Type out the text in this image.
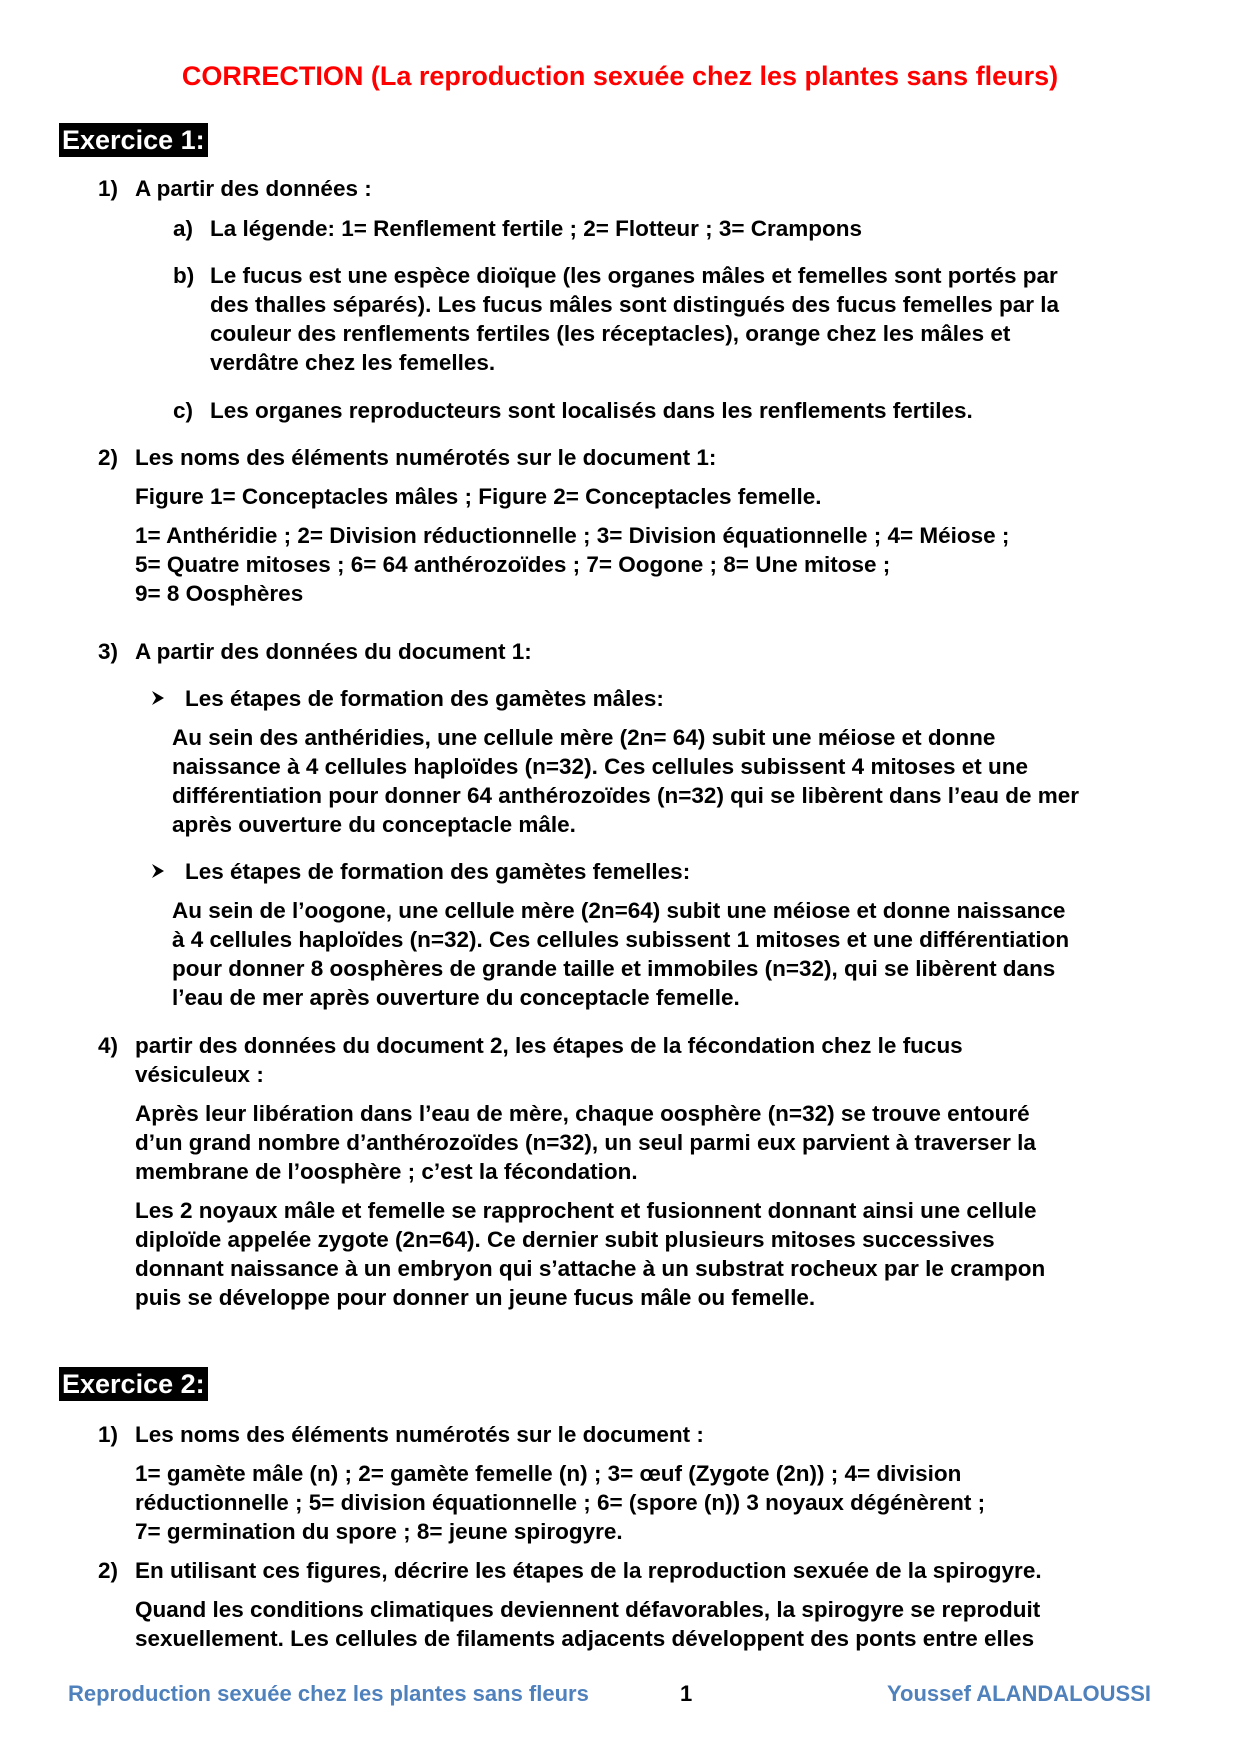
CORRECTION (La reproduction sexuée chez les plantes sans fleurs)
Exercice 1:
1) A partir des données :
a) La légende: 1= Renflement fertile ; 2= Flotteur ; 3= Crampons
b) Le fucus est une espèce dioïque (les organes mâles et femelles sont portés par
des thalles séparés). Les fucus mâles sont distingués des fucus femelles par la
couleur des renflements fertiles (les réceptacles), orange chez les mâles et
verdâtre chez les femelles.
c) Les organes reproducteurs sont localisés dans les renflements fertiles.
2) Les noms des éléments numérotés sur le document 1:
Figure 1= Conceptacles mâles ; Figure 2= Conceptacles femelle.
1= Anthéridie ; 2= Division réductionnelle ; 3= Division équationnelle ; 4= Méiose ;
5= Quatre mitoses ; 6= 64 anthérozoïdes ; 7= Oogone ; 8= Une mitose ;
9= 8 Oosphères
3) A partir des données du document 1:
Les étapes de formation des gamètes mâles:
Au sein des anthéridies, une cellule mère (2n= 64) subit une méiose et donne
naissance à 4 cellules haploïdes (n=32). Ces cellules subissent 4 mitoses et une
différentiation pour donner 64 anthérozoïdes (n=32) qui se libèrent dans l’eau de mer
après ouverture du conceptacle mâle.
Les étapes de formation des gamètes femelles:
Au sein de l’oogone, une cellule mère (2n=64) subit une méiose et donne naissance
à 4 cellules haploïdes (n=32). Ces cellules subissent 1 mitoses et une différentiation
pour donner 8 oosphères de grande taille et immobiles (n=32), qui se libèrent dans
l’eau de mer après ouverture du conceptacle femelle.
4) partir des données du document 2, les étapes de la fécondation chez le fucus
vésiculeux :
Après leur libération dans l’eau de mère, chaque oosphère (n=32) se trouve entouré
d’un grand nombre d’anthérozoïdes (n=32), un seul parmi eux parvient à traverser la
membrane de l’oosphère ; c’est la fécondation.
Les 2 noyaux mâle et femelle se rapprochent et fusionnent donnant ainsi une cellule
diploïde appelée zygote (2n=64). Ce dernier subit plusieurs mitoses successives
donnant naissance à un embryon qui s’attache à un substrat rocheux par le crampon
puis se développe pour donner un jeune fucus mâle ou femelle.
Exercice 2:
1) Les noms des éléments numérotés sur le document :
1= gamète mâle (n) ; 2= gamète femelle (n) ; 3= œuf (Zygote (2n)) ; 4= division
réductionnelle ; 5= division équationnelle ; 6= (spore (n)) 3 noyaux dégénèrent ;
7= germination du spore ; 8= jeune spirogyre.
2) En utilisant ces figures, décrire les étapes de la reproduction sexuée de la spirogyre.
Quand les conditions climatiques deviennent défavorables, la spirogyre se reproduit
sexuellement. Les cellules de filaments adjacents développent des ponts entre elles
Reproduction sexuée chez les plantes sans fleurs	1	Youssef ALANDALOUSSI
